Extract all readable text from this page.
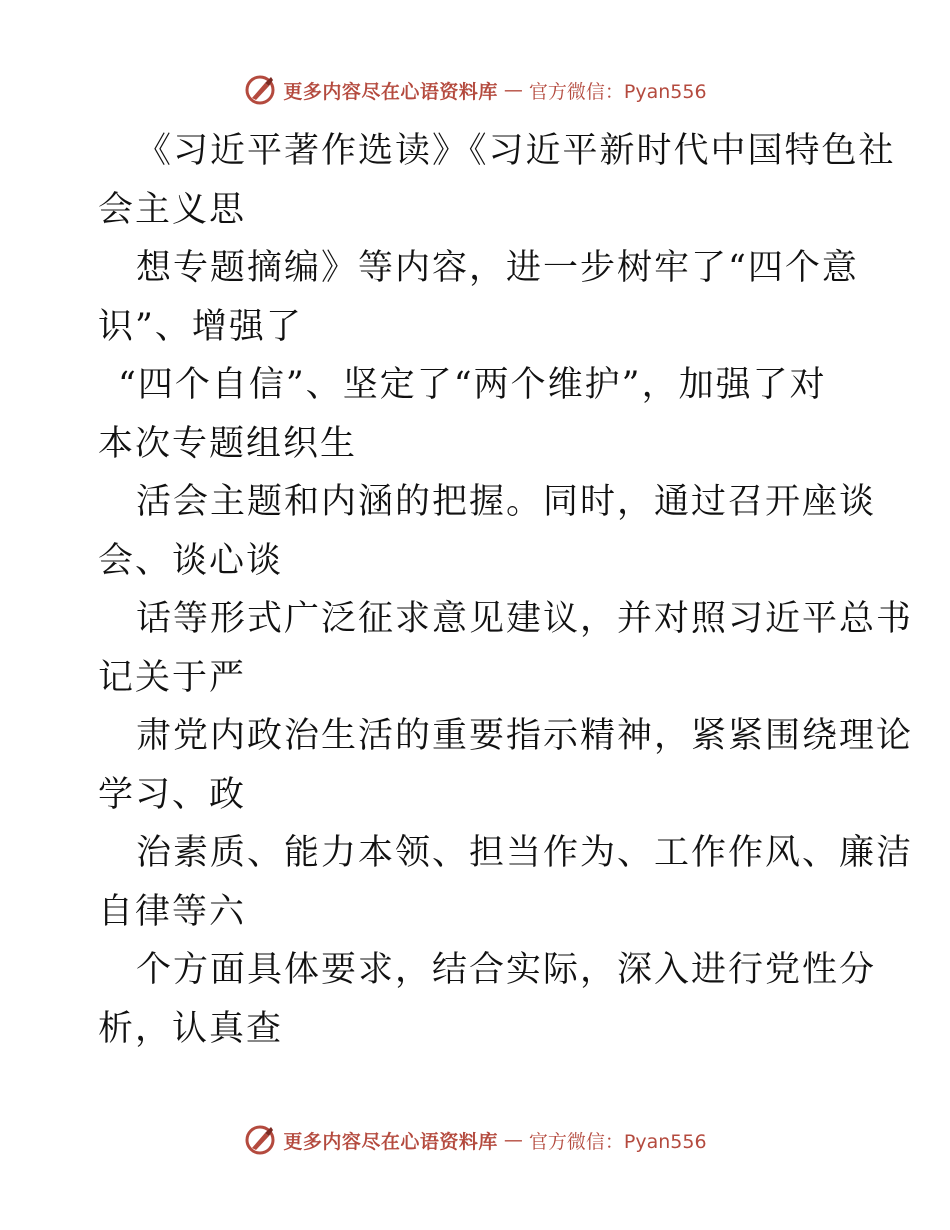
更多内容尽在心语资料库 — 官方微信：Pyan556
《习近平著作选读》《习近平新时代中国特色社
会主义思
想专题摘编》等内容，进一步树牢了“四个意
识”、增强了
“四个自信”、坚定了“两个维护”，加强了对
本次专题组织生
活会主题和内涵的把握。同时，通过召开座谈
会、谈心谈
话等形式广泛征求意见建议，并对照习近平总书
记关于严
肃党内政治生活的重要指示精神，紧紧围绕理论
学习、政
治素质、能力本领、担当作为、工作作风、廉洁
自律等六
个方面具体要求，结合实际，深入进行党性分
析，认真查
更多内容尽在心语资料库 — 官方微信：Pyan556
